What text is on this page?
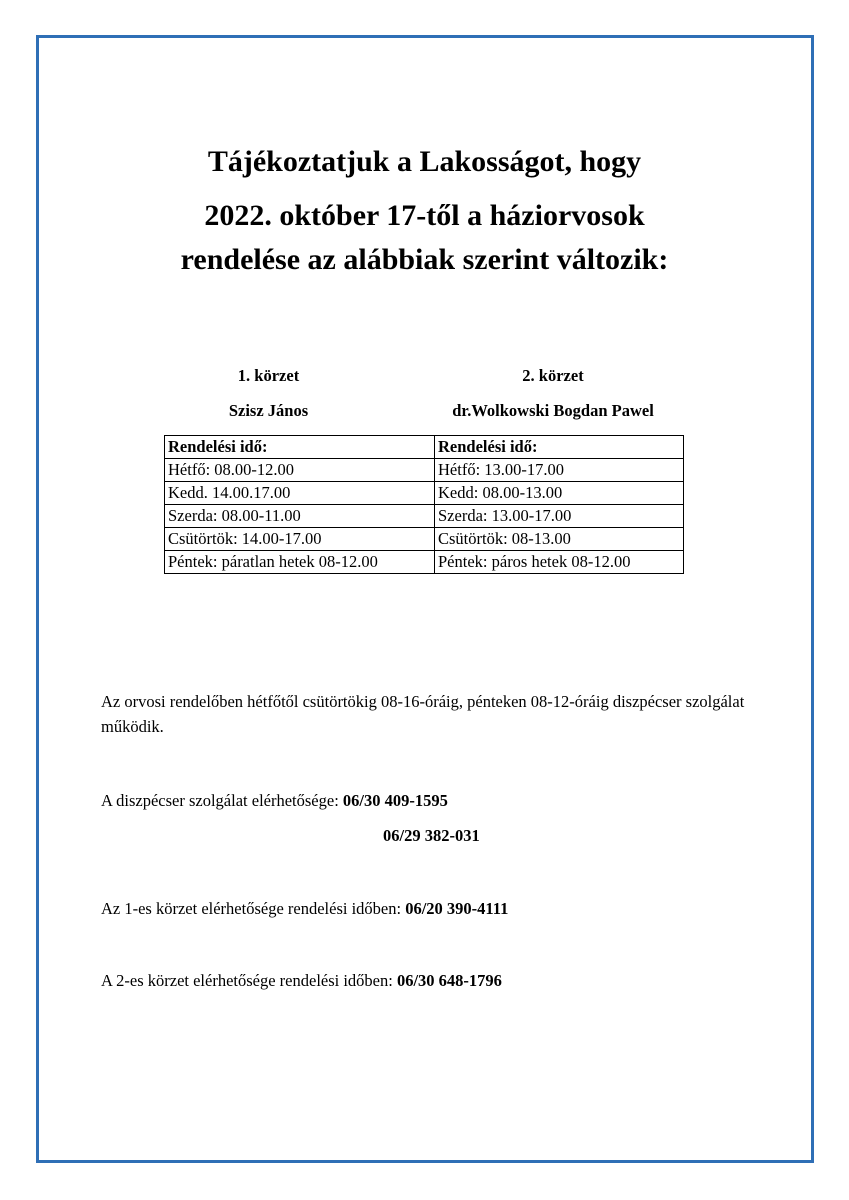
Tájékoztatjuk a Lakosságot, hogy
2022. október 17-től a háziorvosok
rendelése az alábbiak szerint változik:
1. körzet	2. körzet
Szisz János	dr.Wolkowski Bogdan Pawel
Rendelési idő:	Rendelési idő:
Hétfő: 08.00-12.00	Hétfő: 13.00-17.00
Kedd. 14.00.17.00	Kedd: 08.00-13.00
Szerda: 08.00-11.00	Szerda: 13.00-17.00
Csütörtök: 14.00-17.00	Csütörtök: 08-13.00
Péntek: páratlan hetek 08-12.00	Péntek: páros hetek 08-12.00
Az orvosi rendelőben hétfőtől csütörtökig 08-16-óráig, pénteken 08-12-óráig diszpécser szolgálat működik.
A diszpécser szolgálat elérhetősége: 06/30 409-1595
06/29 382-031
Az 1-es körzet elérhetősége rendelési időben: 06/20 390-4111
A 2-es körzet elérhetősége rendelési időben: 06/30 648-1796
